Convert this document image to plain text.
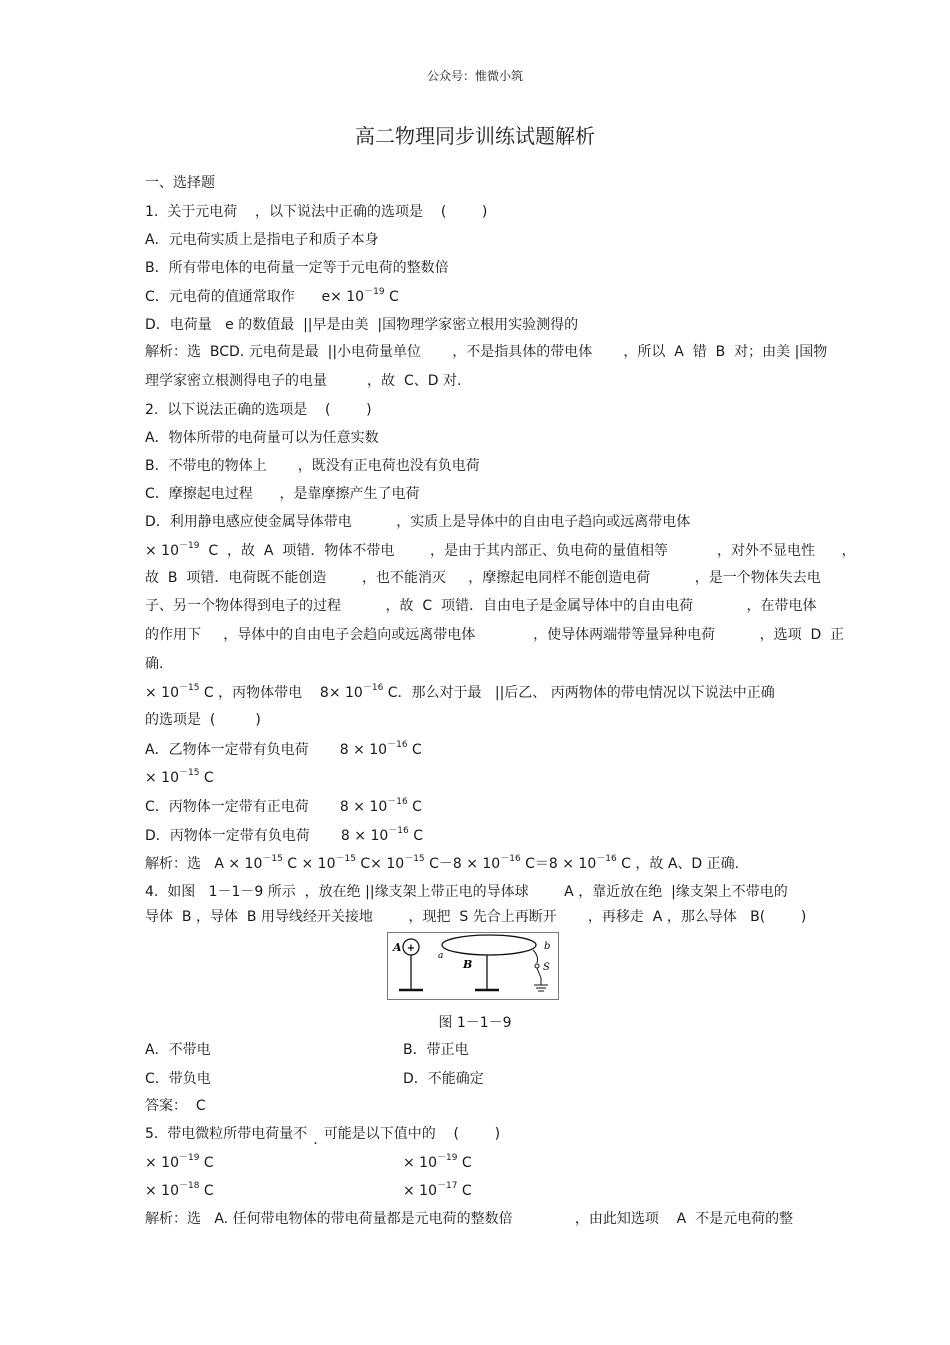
公众号：惟微小筑
高二物理同步训练试题解析
一、选择题
1.  关于元电荷    ，以下说法中正确的选项是    (        )
A．元电荷实质上是指电子和质子本身
B．所有带电体的电荷量一定等于元电荷的整数倍
C．元电荷的值通常取作      $e\times 10^{-19}$ C
D．电荷量   e 的数值最  ||早是由美  |国物理学家密立根用实验测得的
解析：选  BCD. 元电荷是最  ||小电荷量单位       ，不是指具体的带电体       ，所以  A  错  B  对；由美 |国物
理学家密立根测得电子的电量         ，故  C、D 对.
2.  以下说法正确的选项是    (        )
A．物体所带的电荷量可以为任意实数
B．不带电的物体上       ，既没有正电荷也没有负电荷
C．摩擦起电过程      ，是靠摩擦产生了电荷
D．利用静电感应使金属导体带电          ，实质上是导体中的自由电子趋向或远离带电体
× $10^{-19}$  C  ，故  A  项错．物体不带电        ，是由于其内部正、负电荷的量值相等           ，对外不显电性      ，
故  B  项错．电荷既不能创造        ，也不能消灭     ，摩擦起电同样不能创造电荷          ，是一个物体失去电
子、另一个物体得到电子的过程          ，故  C  项错．自由电子是金属导体中的自由电荷            ，在带电体
的作用下     ，导体中的自由电子会趋向或远离带电体             ，使导体两端带等量异种电荷          ，选项  D  正
确.
× $10^{-15}$ C ，丙物体带电    $8\times 10^{-16}$ C．那么对于最   ||后乙、 丙两物体的带电情况以下说法中正确
的选项是  (         )
A．乙物体一定带有负电荷       $8 \times 10^{-16}$ C
× $10^{-15}$ C
C．丙物体一定带有正电荷       $8 \times 10^{-16}$ C
D．丙物体一定带有负电荷       $8 \times 10^{-16}$ C
解析：选   $A \times 10^{-15}$ $C \times 10^{-15}$ $C\times 10^{-15}$ $C-8 \times 10^{-16}$ $C=8 \times 10^{-16}$ C ，故 A、D 正确.
4.  如图   1－1－9 所示  ，放在绝 ||缘支架上带正电的导体球        A ，靠近放在绝  |缘支架上不带电的
导体  B ，导体  B 用导线经开关接地        ，现把  S 先合上再断开       ，再移走  A ，那么导体   B(        )
+
A
a
B
b
S
图 1－1－9
A．不带电	B．带正电
C．带负电	D．不能确定
答案：  C
5.  带电微粒所带电荷量不 . 可能是以下值中的    (        )
× $10^{-19}$ C	× $10^{-19}$ C
× $10^{-18}$ C	× $10^{-17}$ C
解析：选   A. 任何带电物体的带电荷量都是元电荷的整数倍              ，由此知选项    A  不是元电荷的整
